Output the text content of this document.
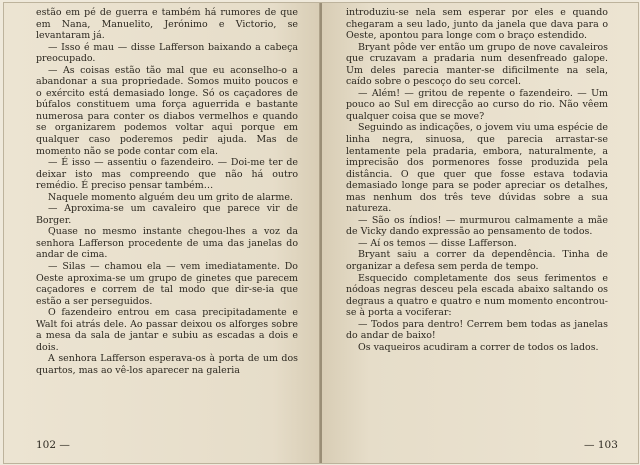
estão em pé de guerra e também há rumores de que em Nana, Manuelito, Jerónimo e Victorio, se levantaram já.

— Isso é mau — disse Lafferson baixando a cabeça preocupado.

— As coisas estão tão mal que eu aconselho-o a abandonar a sua propriedade. Somos muito poucos e o exército está demasiado longe. Só os caçadores de búfalos constituem uma força aguerrida e bastante numerosa para conter os diabos vermelhos e quando se organizarem podemos voltar aqui porque em qualquer caso poderemos pedir ajuda. Mas de momento não se pode contar com ela.

— É isso — assentiu o fazendeiro. — Doi-me ter de deixar isto mas compreendo que não há outro remédio. É preciso pensar também…

Naquele momento alguém deu um grito de alarme.

— Aproxima-se um cavaleiro que parece vir de Borger.

Quase no mesmo instante chegou-lhes a voz da senhora Lafferson procedente de uma das janelas do andar de cima.

— Silas — chamou ela — vem imediatamente. Do Oeste aproxima-se um grupo de ginetes que parecem caçadores e correm de tal modo que dir-se-ia que estão a ser perseguidos.

O fazendeiro entrou em casa precipitadamente e Walt foi atrás dele. Ao passar deixou os alforges sobre a mesa da sala de jantar e subiu as escadas a dois e dois.

A senhora Lafferson esperava-os à porta de um dos quartos, mas ao vê-los aparecer na galeria

102 —

introduziu-se nela sem esperar por eles e quando chegaram a seu lado, junto da janela que dava para o Oeste, apontou para longe com o braço estendido.

Bryant pôde ver então um grupo de nove cavaleiros que cruzavam a pradaria num desenfreado galope. Um deles parecia manter-se dificilmente na sela, caído sobre o pescoço do seu corcel.

— Além! — gritou de repente o fazendeiro. — Um pouco ao Sul em direcção ao curso do rio. Não vêem qualquer coisa que se move?

Seguindo as indicações, o jovem viu uma espécie de linha negra, sinuosa, que parecia arrastar-se lentamente pela pradaria, embora, naturalmente, a imprecisão dos pormenores fosse produzida pela distância. O que quer que fosse estava todavia demasiado longe para se poder apreciar os detalhes, mas nenhum dos três teve dúvidas sobre a sua natureza.

— São os índios! — murmurou calmamente a mãe de Vicky dando expressão ao pensamento de todos.

— Aí os temos — disse Lafferson.

Bryant saiu a correr da dependência. Tinha de organizar a defesa sem perda de tempo.

Esquecido completamente dos seus ferimentos e nódoas negras desceu pela escada abaixo saltando os degraus a quatro e quatro e num momento encontrou-se à porta a vociferar:

— Todos para dentro! Cerrem bem todas as janelas do andar de baixo!

Os vaqueiros acudiram a correr de todos os lados.

— 103
